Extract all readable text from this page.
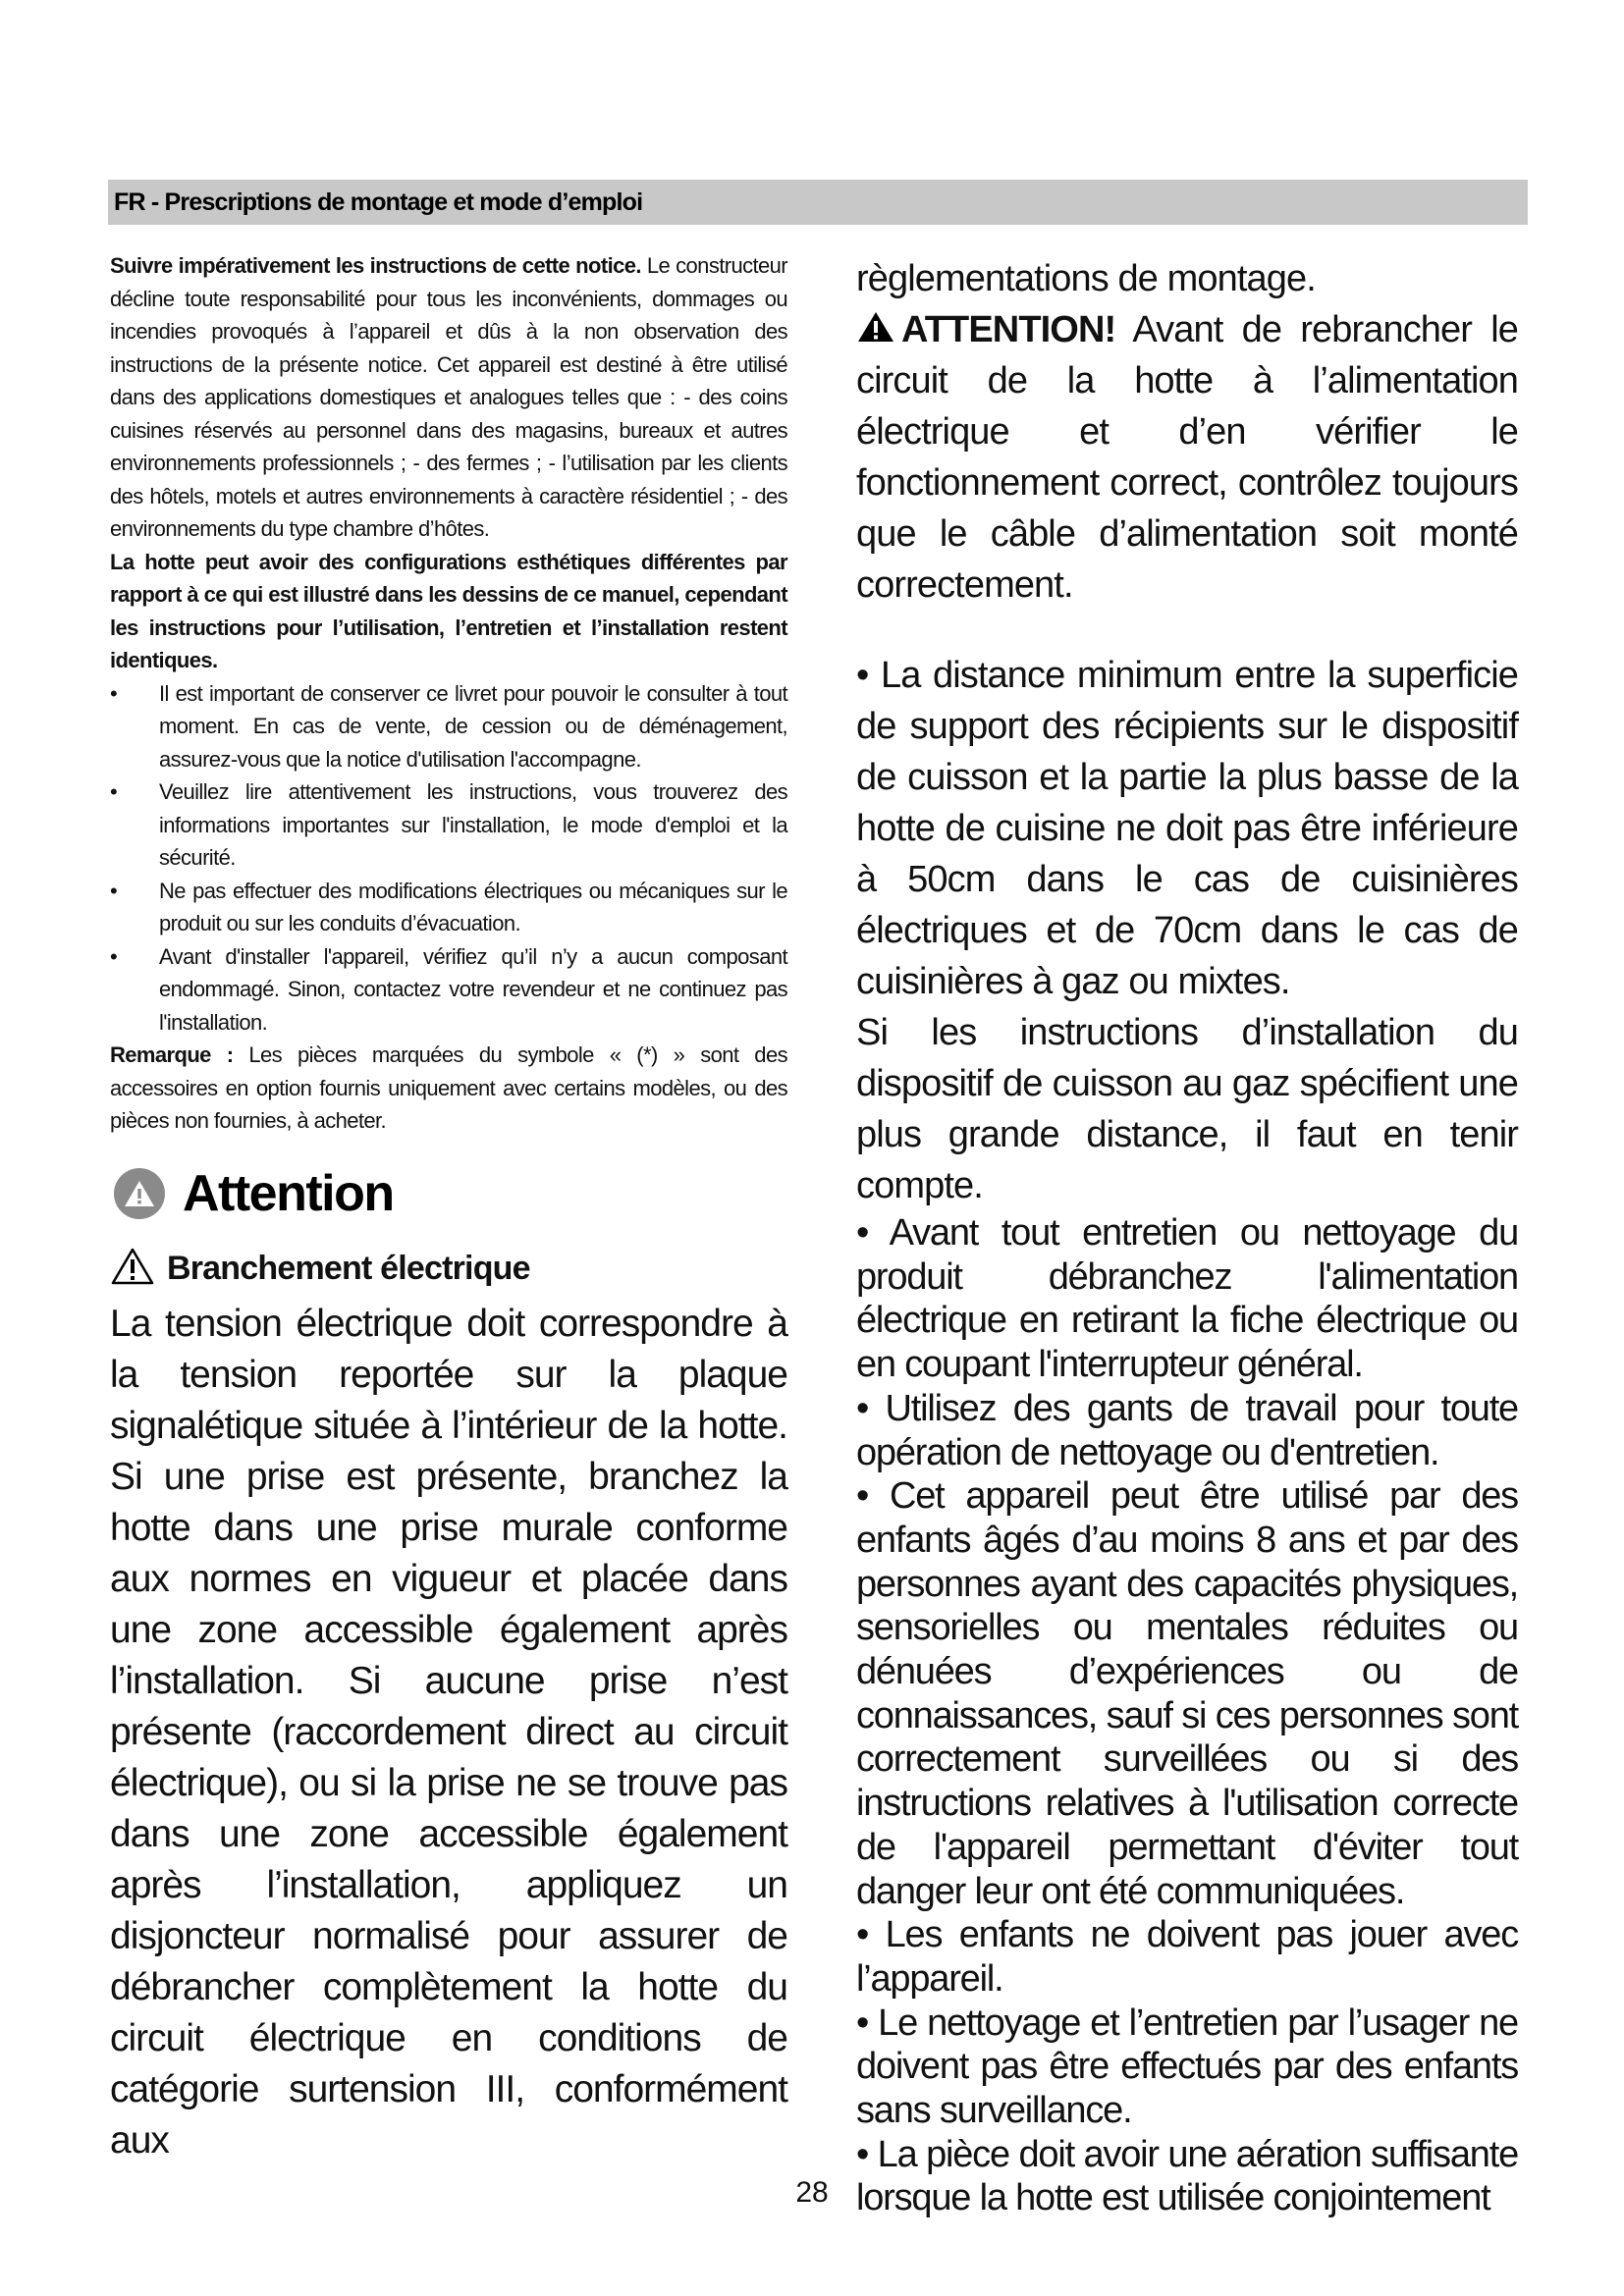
FR - Prescriptions de montage et mode d’emploi

Suivre impérativement les instructions de cette notice. Le constructeur décline toute responsabilité pour tous les inconvénients, dommages ou incendies provoqués à l’appareil et dûs à la non observation des instructions de la présente notice. Cet appareil est destiné à être utilisé dans des applications domestiques et analogues telles que : - des coins cuisines réservés au personnel dans des magasins, bureaux et autres environnements professionnels ; - des fermes ; - l’utilisation par les clients des hôtels, motels et autres environnements à caractère résidentiel ; - des environnements du type chambre d’hôtes.

La hotte peut avoir des configurations esthétiques différentes par rapport à ce qui est illustré dans les dessins de ce manuel, cependant les instructions pour l’utilisation, l’entretien et l’installation restent identiques.

• Il est important de conserver ce livret pour pouvoir le consulter à tout moment. En cas de vente, de cession ou de déménagement, assurez-vous que la notice d'utilisation l'accompagne.
• Veuillez lire attentivement les instructions, vous trouverez des informations importantes sur l'installation, le mode d'emploi et la sécurité.
• Ne pas effectuer des modifications électriques ou mécaniques sur le produit ou sur les conduits d’évacuation.
• Avant d'installer l'appareil, vérifiez qu’il n’y a aucun composant endommagé. Sinon, contactez votre revendeur et ne continuez pas l'installation.

Remarque : Les pièces marquées du symbole « (*) » sont des accessoires en option fournis uniquement avec certains modèles, ou des pièces non fournies, à acheter.

Attention
Branchement électrique

La tension électrique doit correspondre à la tension reportée sur la plaque signalétique située à l’intérieur de la hotte. Si une prise est présente, branchez la hotte dans une prise murale conforme aux normes en vigueur et placée dans une zone accessible également après l’installation. Si aucune prise n’est présente (raccordement direct au circuit électrique), ou si la prise ne se trouve pas dans une zone accessible également après l’installation, appliquez un disjoncteur normalisé pour assurer de débrancher complètement la hotte du circuit électrique en conditions de catégorie surtension III, conformément aux

règlementations de montage.

ATTENTION! Avant de rebrancher le circuit de la hotte à l’alimentation électrique et d’en vérifier le fonctionnement correct, contrôlez toujours que le câble d’alimentation soit monté correctement.

• La distance minimum entre la superficie de support des récipients sur le dispositif de cuisson et la partie la plus basse de la hotte de cuisine ne doit pas être inférieure à 50cm dans le cas de cuisinières électriques et de 70cm dans le cas de cuisinières à gaz ou mixtes.

Si les instructions d’installation du dispositif de cuisson au gaz spécifient une plus grande distance, il faut en tenir compte.

• Avant tout entretien ou nettoyage du produit débranchez l'alimentation électrique en retirant la fiche électrique ou en coupant l'interrupteur général.

• Utilisez des gants de travail pour toute opération de nettoyage ou d'entretien.

• Cet appareil peut être utilisé par des enfants âgés d’au moins 8 ans et par des personnes ayant des capacités physiques, sensorielles ou mentales réduites ou dénuées d’expériences ou de connaissances, sauf si ces personnes sont correctement surveillées ou si des instructions relatives à l'utilisation correcte de l'appareil permettant d'éviter tout danger leur ont été communiquées.

• Les enfants ne doivent pas jouer avec l’appareil.

• Le nettoyage et l’entretien par l’usager ne doivent pas être effectués par des enfants sans surveillance.

• La pièce doit avoir une aération suffisante lorsque la hotte est utilisée conjointement

28
